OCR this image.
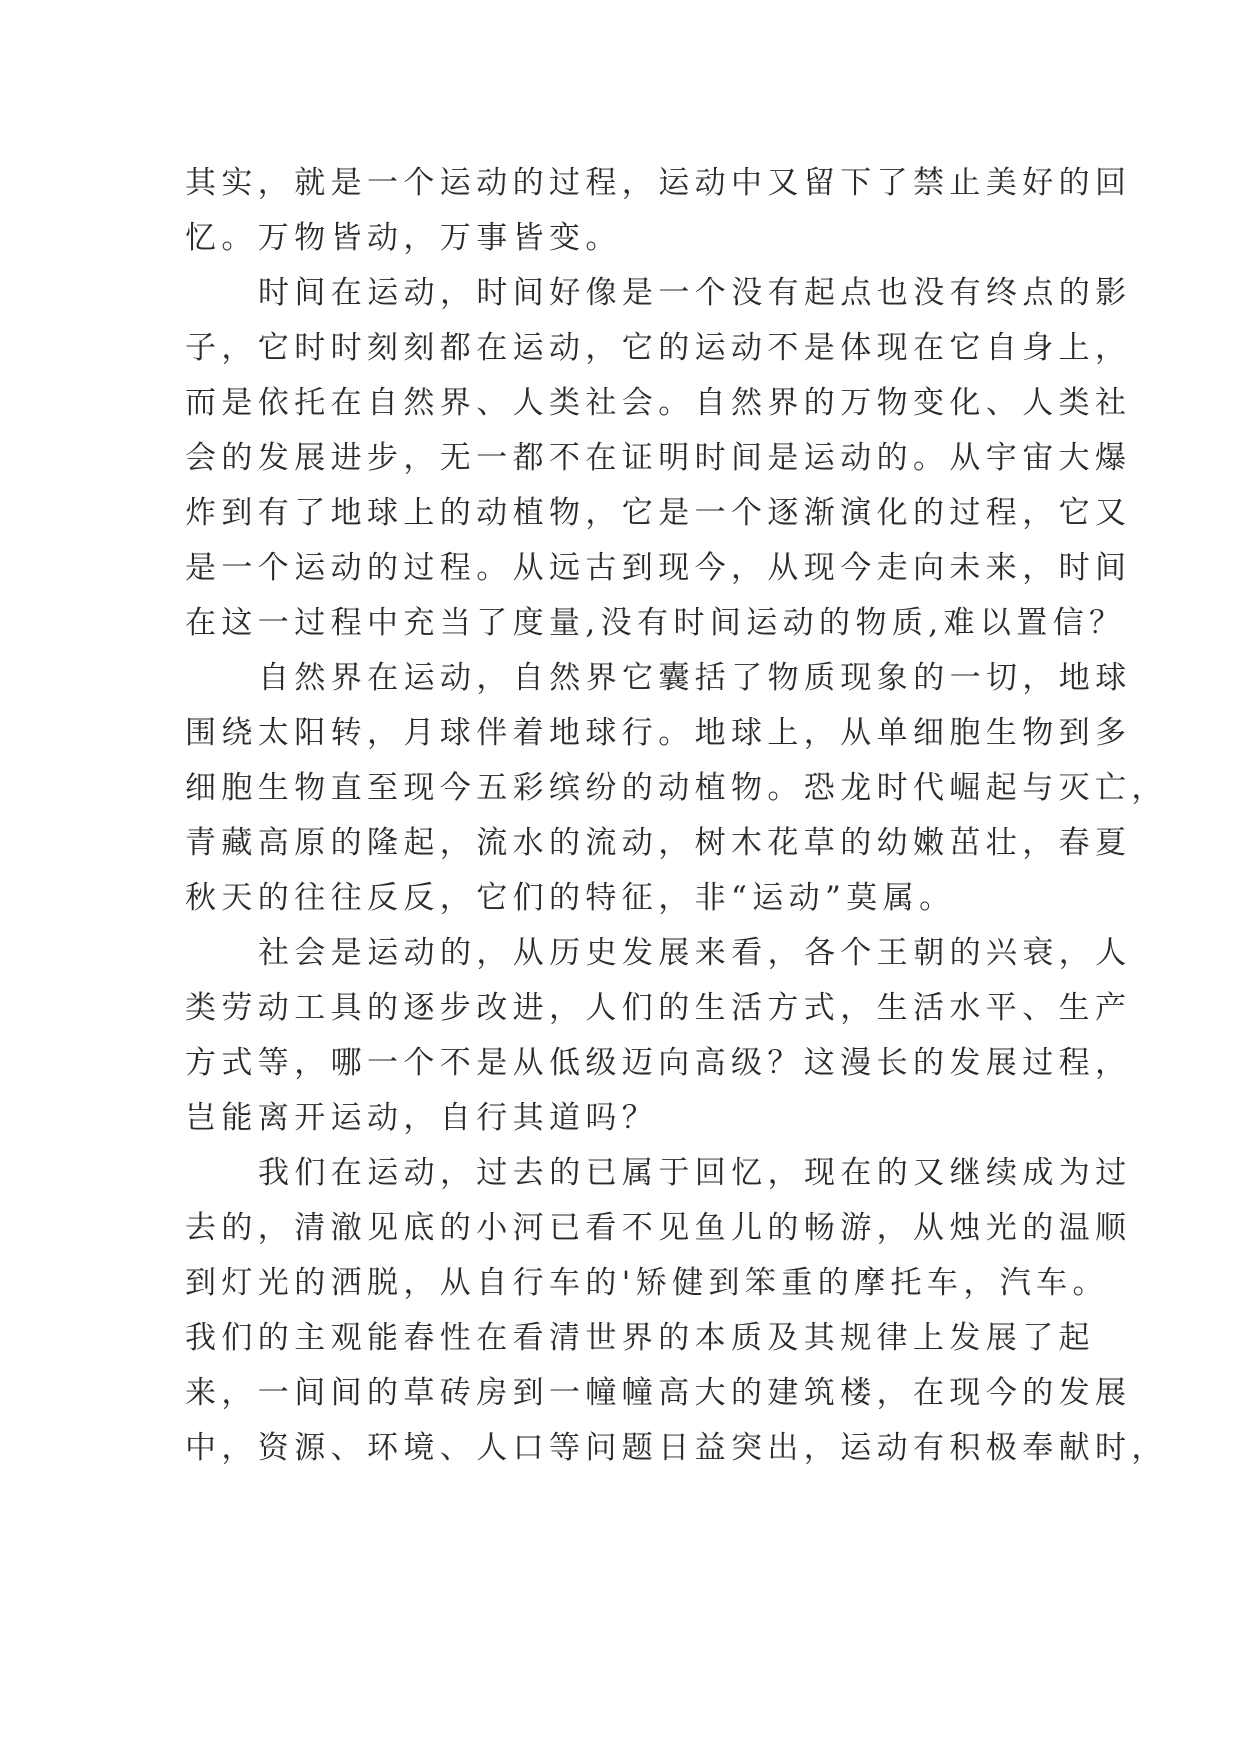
其实，就是一个运动的过程，运动中又留下了禁止美好的回
忆。万物皆动，万事皆变。
时间在运动，时间好像是一个没有起点也没有终点的影
子，它时时刻刻都在运动，它的运动不是体现在它自身上，
而是依托在自然界、人类社会。自然界的万物变化、人类社
会的发展进步，无一都不在证明时间是运动的。从宇宙大爆
炸到有了地球上的动植物，它是一个逐渐演化的过程，它又
是一个运动的过程。从远古到现今，从现今走向未来，时间
在这一过程中充当了度量,没有时间运动的物质,难以置信？
自然界在运动，自然界它囊括了物质现象的一切，地球
围绕太阳转，月球伴着地球行。地球上，从单细胞生物到多
细胞生物直至现今五彩缤纷的动植物。恐龙时代崛起与灭亡，
青藏高原的隆起，流水的流动，树木花草的幼嫩茁壮，春夏
秋天的往往反反，它们的特征，非“运动”莫属。
社会是运动的，从历史发展来看，各个王朝的兴衰，人
类劳动工具的逐步改进，人们的生活方式，生活水平、生产
方式等，哪一个不是从低级迈向高级？这漫长的发展过程，
岂能离开运动，自行其道吗？
我们在运动，过去的已属于回忆，现在的又继续成为过
去的，清澈见底的小河已看不见鱼儿的畅游，从烛光的温顺
到灯光的洒脱，从自行车的'矫健到笨重的摩托车，汽车。
我们的主观能舂性在看清世界的本质及其规律上发展了起
来，一间间的草砖房到一幢幢高大的建筑楼，在现今的发展
中，资源、环境、人口等问题日益突出，运动有积极奉献时，
